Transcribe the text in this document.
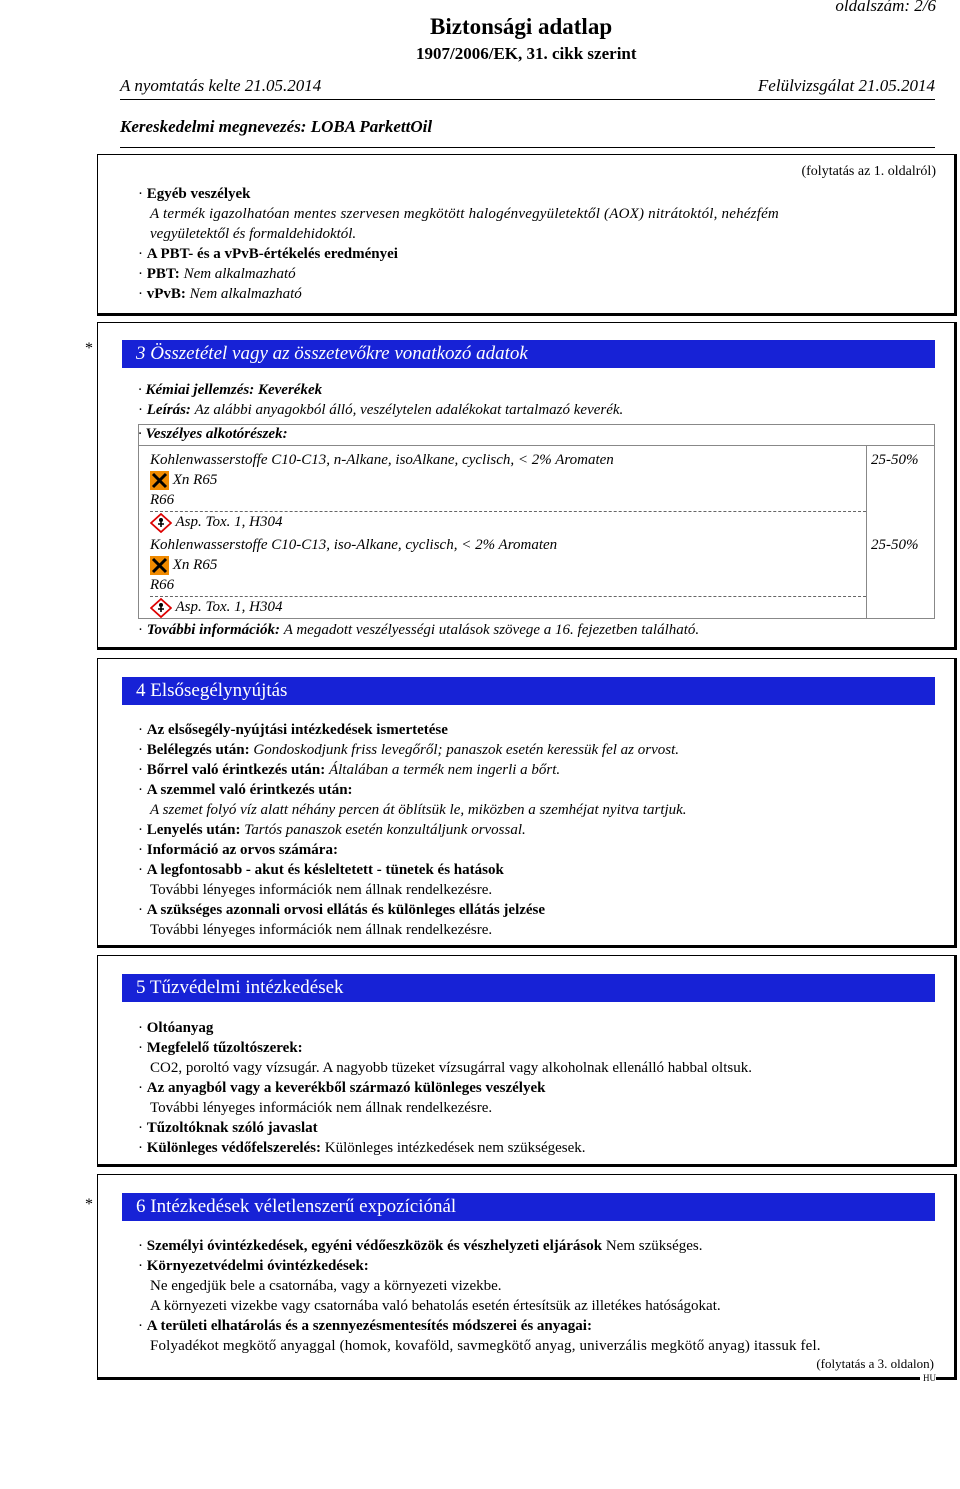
oldalszám: 2/6
Biztonsági adatlap
1907/2006/EK, 31. cikk szerint
A nyomtatás kelte 21.05.2014	Felülvizsgálat 21.05.2014
Kereskedelmi megnevezés: LOBA ParkettOil
(folytatás az 1. oldalról)
· Egyéb veszélyek
A termék igazolhatóan mentes szervesen megkötött halogénvegyületektől (AOX) nitrátoktól, nehézfém
vegyületektől és formaldehidoktól.
· A PBT- és a vPvB-értékelés eredményei
· PBT: Nem alkalmazható
· vPvB: Nem alkalmazható
*	3 Összetétel vagy az összetevőkre vonatkozó adatok
· Kémiai jellemzés: Keverékek
· Leírás: Az alábbi anyagokból álló, veszélytelen adalékokat tartalmazó keverék.
· Veszélyes alkotórészek:
Kohlenwasserstoffe C10-C13, n-Alkane, isoAlkane, cyclisch, < 2% Aromaten	25-50%
Xn R65
R66
Asp. Tox. 1, H304
Kohlenwasserstoffe C10-C13, iso-Alkane, cyclisch, < 2% Aromaten	25-50%
Xn R65
R66
Asp. Tox. 1, H304
· További információk: A megadott veszélyességi utalások szövege a 16. fejezetben található.
4 Elsősegélynyújtás
· Az elsősegély-nyújtási intézkedések ismertetése
· Belélegzés után: Gondoskodjunk friss levegőről; panaszok esetén keressük fel az orvost.
· Bőrrel való érintkezés után: Általában a termék nem ingerli a bőrt.
· A szemmel való érintkezés után:
A szemet folyó víz alatt néhány percen át öblítsük le, miközben a szemhéjat nyitva tartjuk.
· Lenyelés után: Tartós panaszok esetén konzultáljunk orvossal.
· Információ az orvos számára:
· A legfontosabb - akut és késleltetett - tünetek és hatások
További lényeges információk nem állnak rendelkezésre.
· A szükséges azonnali orvosi ellátás és különleges ellátás jelzése
További lényeges információk nem állnak rendelkezésre.
5 Tűzvédelmi intézkedések
· Oltóanyag
· Megfelelő tűzoltószerek:
CO2, poroltó vagy vízsugár. A nagyobb tüzeket vízsugárral vagy alkoholnak ellenálló habbal oltsuk.
· Az anyagból vagy a keverékből származó különleges veszélyek
További lényeges információk nem állnak rendelkezésre.
· Tűzoltóknak szóló javaslat
· Különleges védőfelszerelés: Különleges intézkedések nem szükségesek.
*	6 Intézkedések véletlenszerű expozíciónál
· Személyi óvintézkedések, egyéni védőeszközök és vészhelyzeti eljárások Nem szükséges.
· Környezetvédelmi óvintézkedések:
Ne engedjük bele a csatornába, vagy a környezeti vizekbe.
A környezeti vizekbe vagy csatornába való behatolás esetén értesítsük az illetékes hatóságokat.
· A területi elhatárolás és a szennyezésmentesítés módszerei és anyagai:
Folyadékot megkötő anyaggal (homok, kovaföld, savmegkötő anyag, univerzális megkötő anyag) itassuk fel.
(folytatás a 3. oldalon)
HU
